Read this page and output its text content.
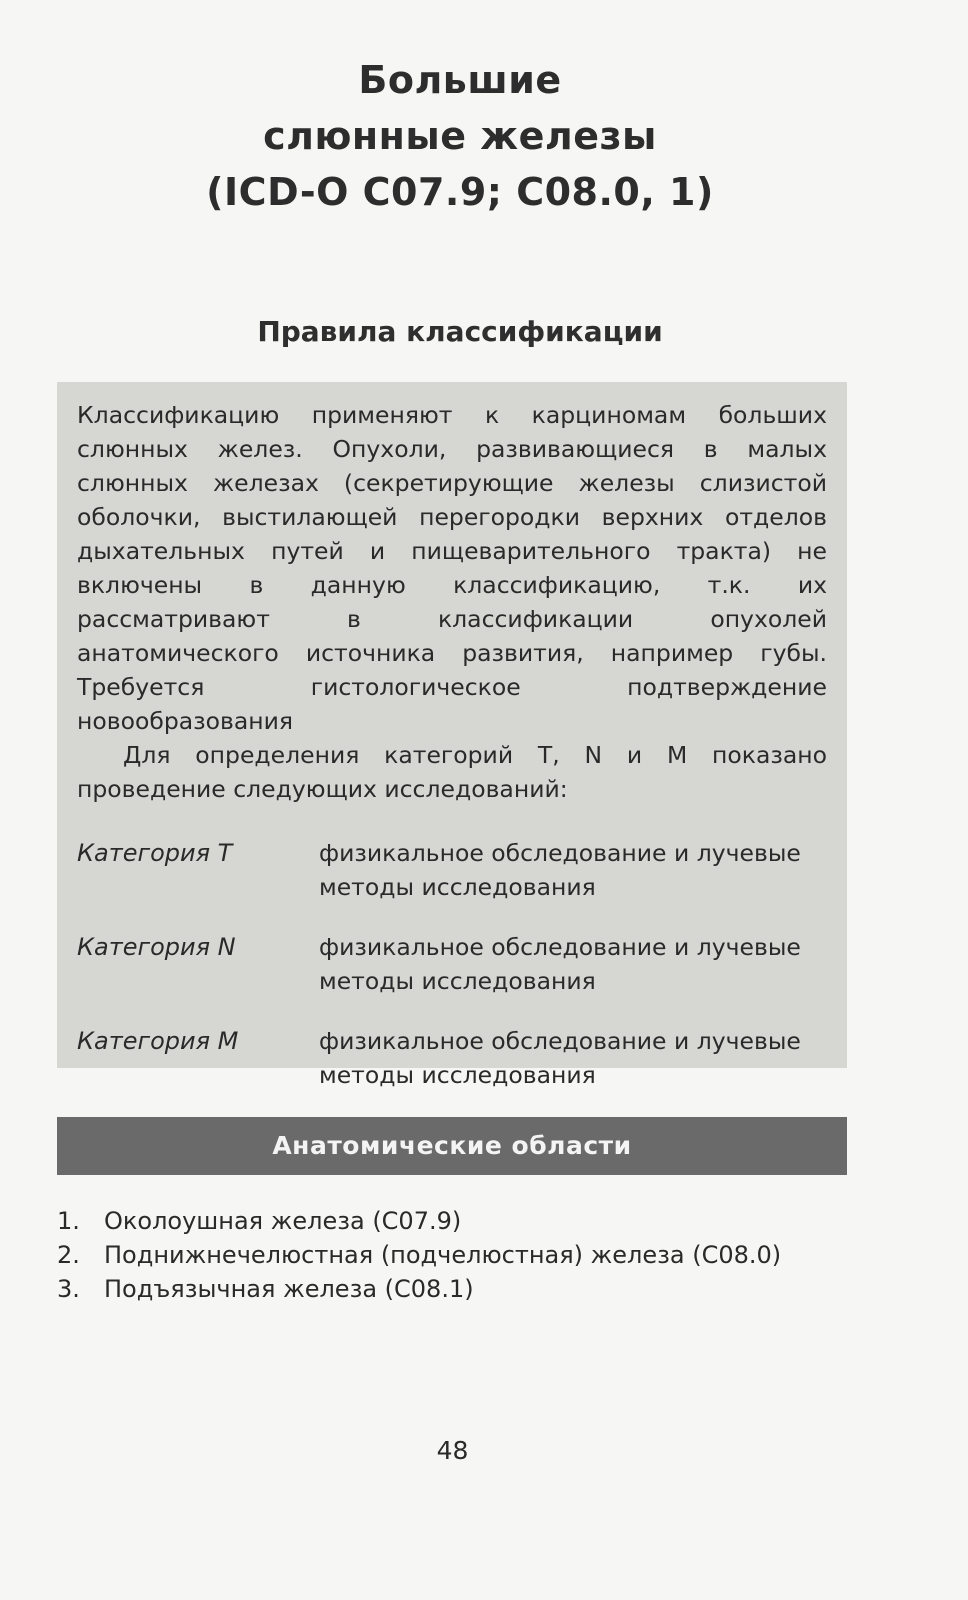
Большие
слюнные железы
(ICD-O C07.9; C08.0, 1)
Правила классификации

Классификацию применяют к карциномам больших слюнных желез. Опухоли, развивающиеся в малых слюнных железах (секретирующие железы слизистой оболочки, выстилающей перегородки верхних отделов дыхательных путей и пищеварительного тракта) не включены в данную классификацию, т.к. их рассматривают в классификации опухолей анатомического источника развития, например губы. Требуется гистологическое подтверждение новообразования

Для определения категорий T, N и M показано проведение следующих исследований:

Категория T	физикальное обследование и лучевые методы исследования
Категория N	физикальное обследование и лучевые методы исследования
Категория M	физикальное обследование и лучевые методы исследования
Анатомические области
1.	Околоушная железа (C07.9)
2.	Поднижнечелюстная (подчелюстная) железа (C08.0)
3.	Подъязычная железа (C08.1)
48
